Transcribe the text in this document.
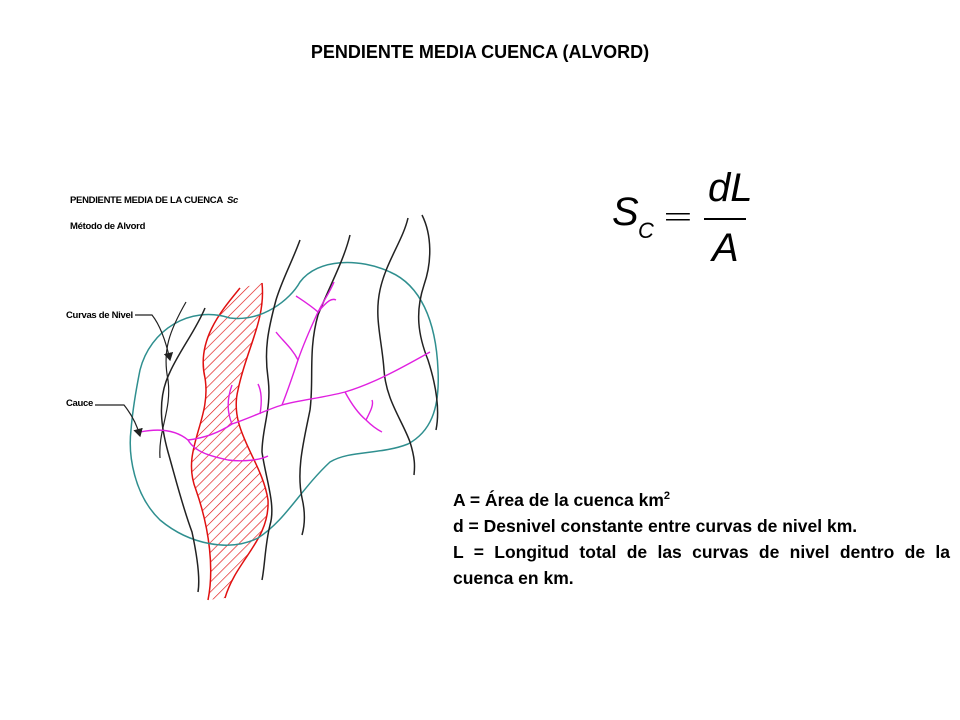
PENDIENTE MEDIA CUENCA (ALVORD)
PENDIENTE MEDIA DE LA CUENCA Sc
Método de Alvord
Curvas de Nivel
Cauce
S C =
dL
A

A = Área de la cuenca $km^2$

d = Desnivel constante entre curvas de nivel km.

L = Longitud total de las curvas de nivel dentro de la cuenca en km.
